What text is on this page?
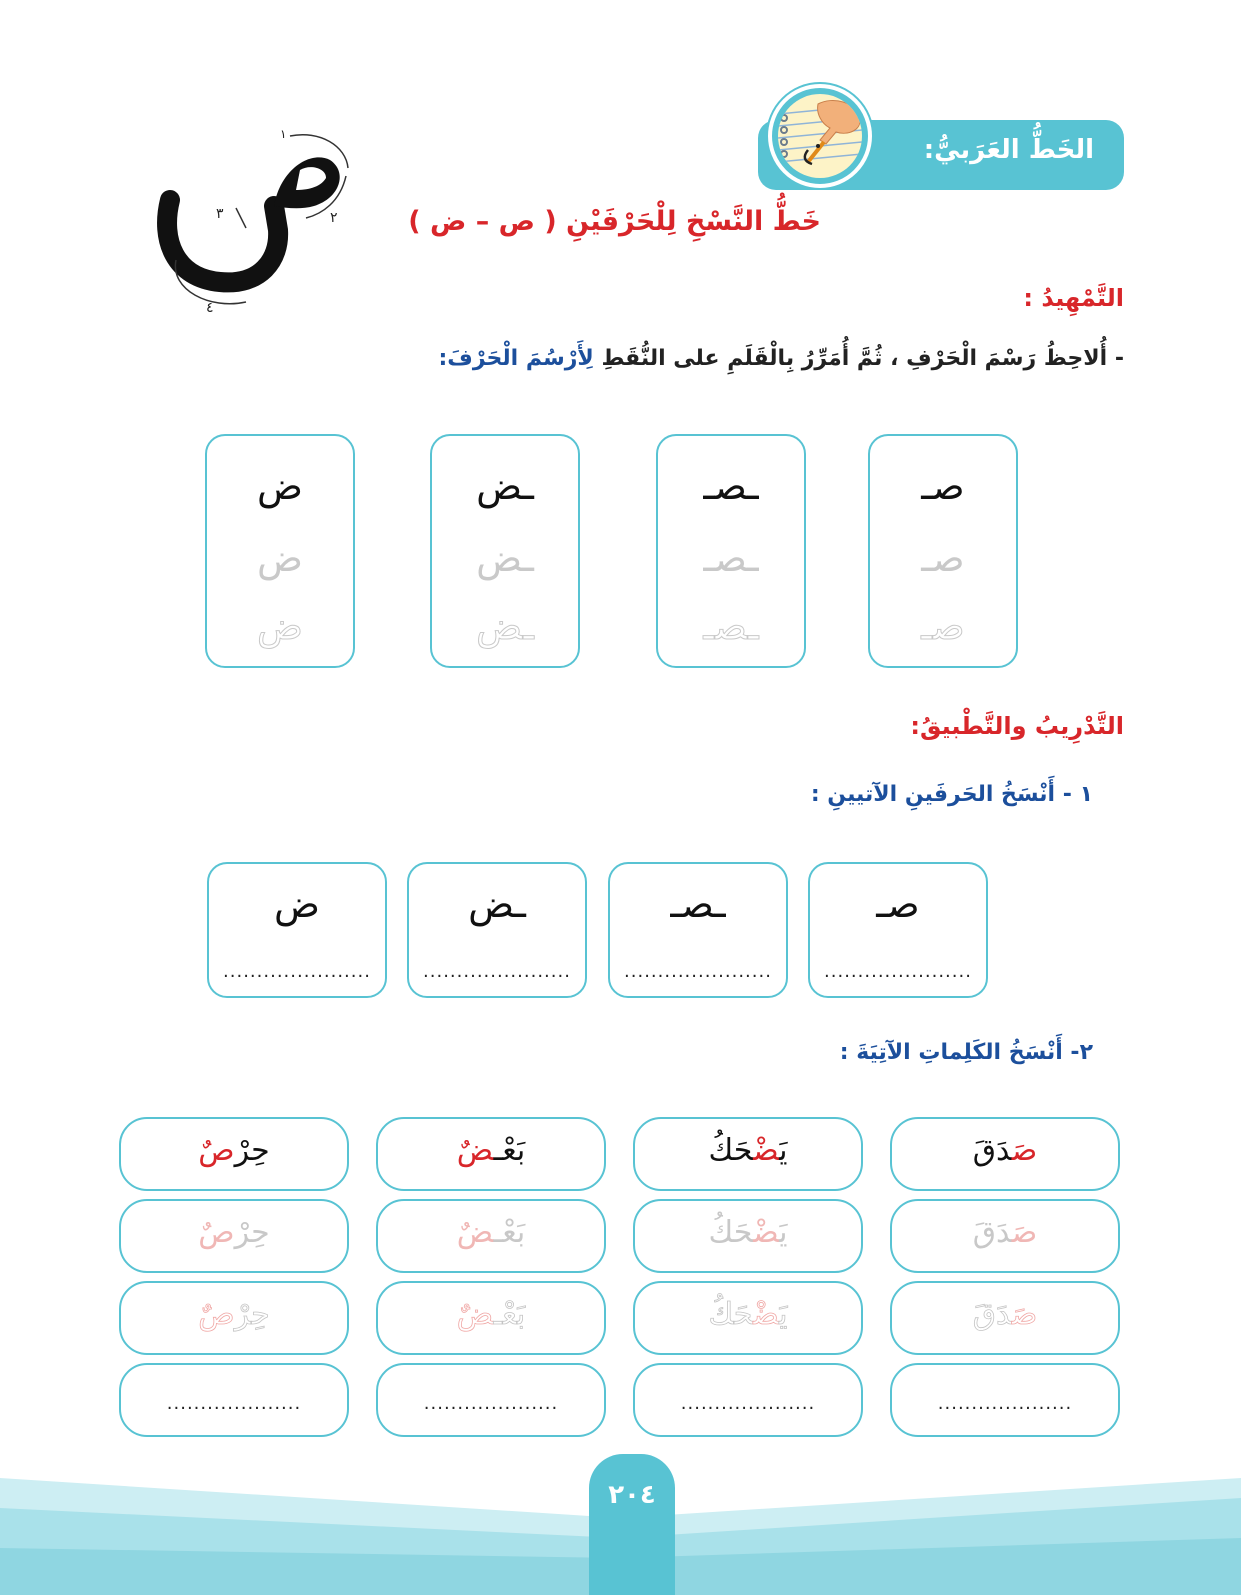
الخَطُّ العَرَبيُّ:
٢
٣
٤
١
خَطُّ النَّسْخِ لِلْحَرْفَيْنِ ( ص – ض )
التَّمْهِيدُ :
- أُلاحِظُ رَسْمَ الْحَرْفِ ، ثُمَّ أُمَرِّرُ بِالْقَلَمِ على النُّقَطِ لِأَرْسُمَ الْحَرْفَ:
صـ
صـ
صـ
ـصـ
ـصـ
ـصـ
ـض
ـض
ـض
ض
ض
ض
التَّدْرِيبُ والتَّطْبيقُ:
١ - أَنْسَخُ الحَرفَينِ الآتيينِ :
صـ
......................
ـصـ
......................
ـض
......................
ض
......................
٢- أَنْسَخُ الكَلِماتِ الآتِيَةَ :
صَدَقَ
صَدَقَ
صَدَقَ
....................
يَضْحَكُ
يَضْحَكُ
يَضْحَكُ
....................
بَعْـضٌ
بَعْـضٌ
بَعْـضٌ
....................
حِرْصٌ
حِرْصٌ
حِرْصٌ
....................
٢٠٤
